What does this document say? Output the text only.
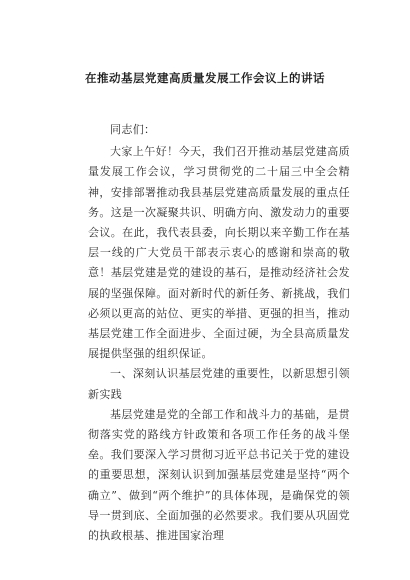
在推动基层党建高质量发展工作会议上的讲话

同志们：

大家上午好！今天，我们召开推动基层党建高质量发展工作会议，学习贯彻党的二十届三中全会精神，安排部署推动我县基层党建高质量发展的重点任务。这是一次凝聚共识、明确方向、激发动力的重要会议。在此，我代表县委，向长期以来辛勤工作在基层一线的广大党员干部表示衷心的感谢和崇高的敬意！基层党建是党的建设的基石，是推动经济社会发展的坚强保障。面对新时代的新任务、新挑战，我们必须以更高的站位、更实的举措、更强的担当，推动基层党建工作全面进步、全面过硬，为全县高质量发展提供坚强的组织保证。

一、深刻认识基层党建的重要性，以新思想引领新实践

基层党建是党的全部工作和战斗力的基础，是贯彻落实党的路线方针政策和各项工作任务的战斗堡垒。我们要深入学习贯彻习近平总书记关于党的建设的重要思想，深刻认识到加强基层党建是坚持“两个确立”、做到“两个维护”的具体体现，是确保党的领导一贯到底、全面加强的必然要求。我们要从巩固党的执政根基、推进国家治理
